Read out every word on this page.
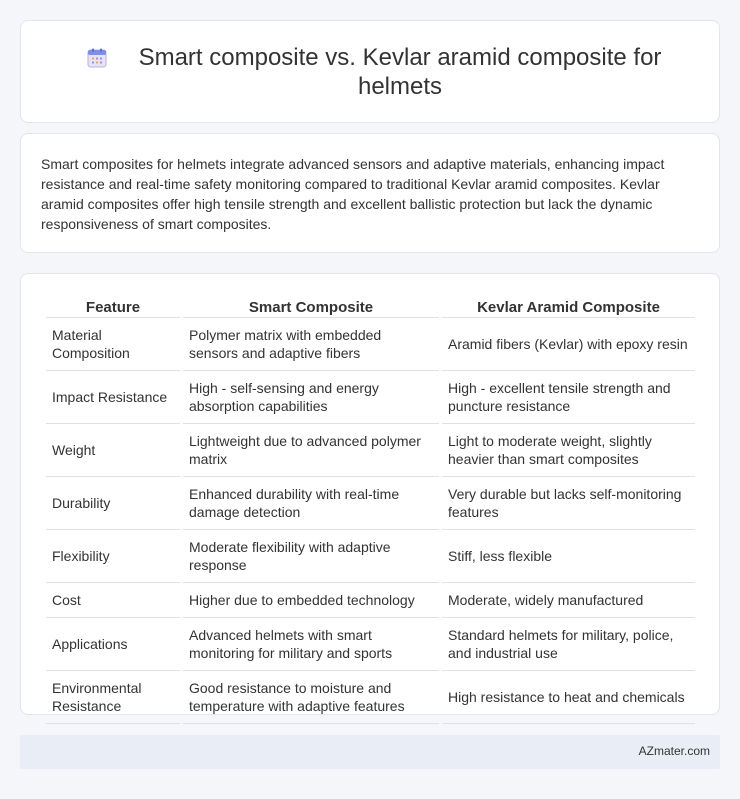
Smart composite vs. Kevlar aramid composite for helmets

Smart composites for helmets integrate advanced sensors and adaptive materials, enhancing impact resistance and real-time safety monitoring compared to traditional Kevlar aramid composites. Kevlar aramid composites offer high tensile strength and excellent ballistic protection but lack the dynamic responsiveness of smart composites.

Feature	Smart Composite	Kevlar Aramid Composite
Material Composition	Polymer matrix with embedded sensors and adaptive fibers	Aramid fibers (Kevlar) with epoxy resin
Impact Resistance	High - self-sensing and energy absorption capabilities	High - excellent tensile strength and puncture resistance
Weight	Lightweight due to advanced polymer matrix	Light to moderate weight, slightly heavier than smart composites
Durability	Enhanced durability with real-time damage detection	Very durable but lacks self-monitoring features
Flexibility	Moderate flexibility with adaptive response	Stiff, less flexible
Cost	Higher due to embedded technology	Moderate, widely manufactured
Applications	Advanced helmets with smart monitoring for military and sports	Standard helmets for military, police, and industrial use
Environmental Resistance	Good resistance to moisture and temperature with adaptive features	High resistance to heat and chemicals
AZmater.com
